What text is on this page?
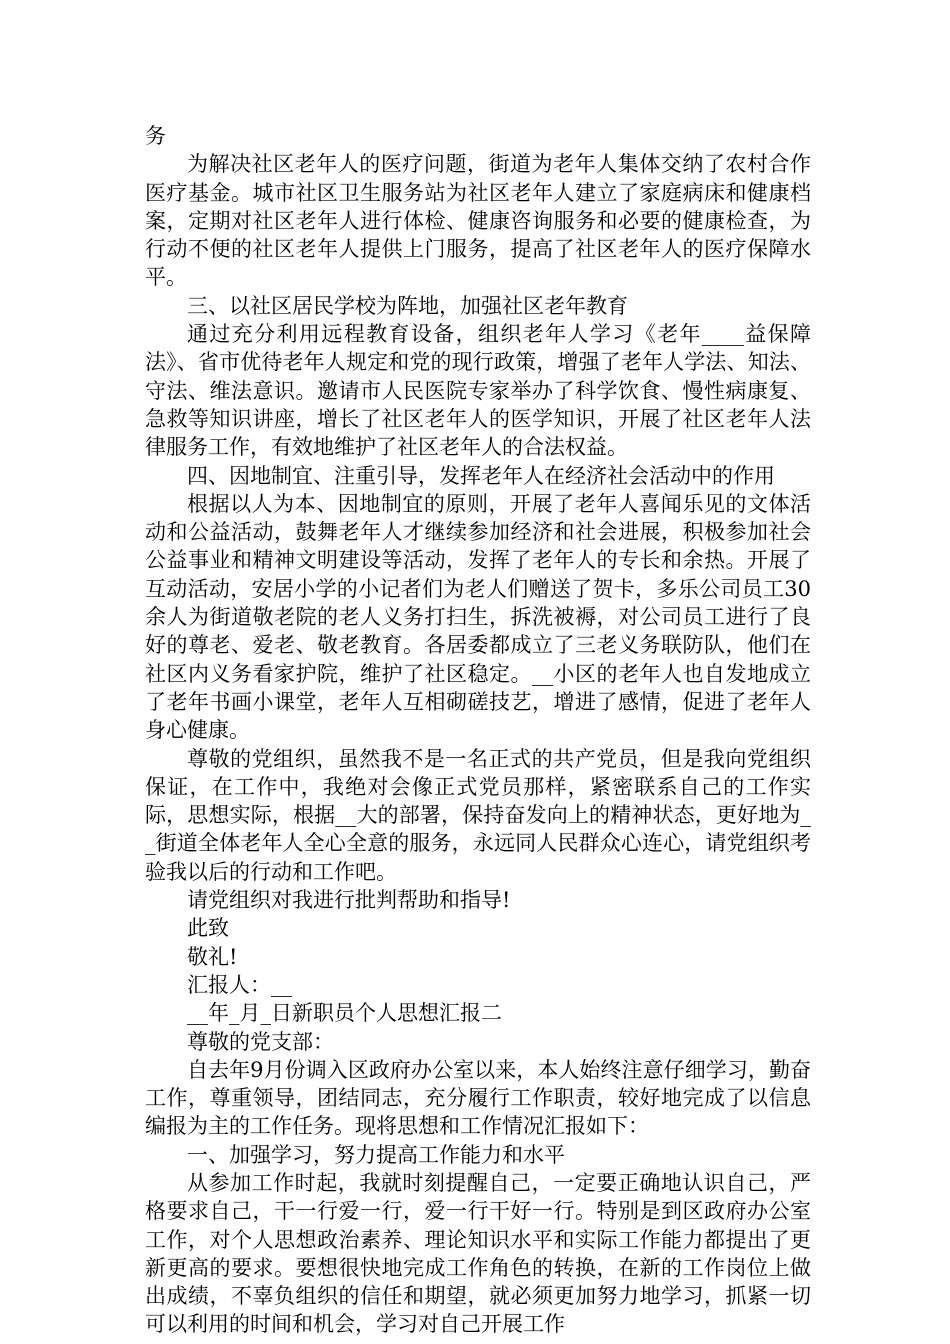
务

为解决社区老年人的医疗问题，街道为老年人集体交纳了农村合作医疗基金。城市社区卫生服务站为社区老年人建立了家庭病床和健康档案，定期对社区老年人进行体检、健康咨询服务和必要的健康检查，为行动不便的社区老年人提供上门服务，提高了社区老年人的医疗保障水平。

三、以社区居民学校为阵地，加强社区老年教育

通过充分利用远程教育设备，组织老年人学习《老年____益保障法》、省市优待老年人规定和党的现行政策，增强了老年人学法、知法、守法、维法意识。邀请市人民医院专家举办了科学饮食、慢性病康复、急救等知识讲座，增长了社区老年人的医学知识，开展了社区老年人法律服务工作，有效地维护了社区老年人的合法权益。

四、因地制宜、注重引导，发挥老年人在经济社会活动中的作用

根据以人为本、因地制宜的原则，开展了老年人喜闻乐见的文体活动和公益活动，鼓舞老年人才继续参加经济和社会进展，积极参加社会公益事业和精神文明建设等活动，发挥了老年人的专长和余热。开展了互动活动，安居小学的小记者们为老人们赠送了贺卡，多乐公司员工30余人为街道敬老院的老人义务打扫生，拆洗被褥，对公司员工进行了良好的尊老、爱老、敬老教育。各居委都成立了三老义务联防队，他们在社区内义务看家护院，维护了社区稳定。__小区的老年人也自发地成立了老年书画小课堂，老年人互相砌磋技艺，增进了感情，促进了老年人身心健康。

尊敬的党组织，虽然我不是一名正式的共产党员，但是我向党组织保证，在工作中，我绝对会像正式党员那样，紧密联系自己的工作实际，思想实际，根据__大的部署，保持奋发向上的精神状态，更好地为__街道全体老年人全心全意的服务，永远同人民群众心连心，请党组织考验我以后的行动和工作吧。

请党组织对我进行批判帮助和指导!

此致

敬礼!

汇报人：__

__年_月_日新职员个人思想汇报二

尊敬的党支部：

自去年9月份调入区政府办公室以来，本人始终注意仔细学习，勤奋工作，尊重领导，团结同志，充分履行工作职责，较好地完成了以信息编报为主的工作任务。现将思想和工作情况汇报如下：

一、加强学习，努力提高工作能力和水平

从参加工作时起，我就时刻提醒自己，一定要正确地认识自己，严格要求自己，干一行爱一行，爱一行干好一行。特别是到区政府办公室工作，对个人思想政治素养、理论知识水平和实际工作能力都提出了更新更高的要求。要想很快地完成工作角色的转换，在新的工作岗位上做出成绩，不辜负组织的信任和期望，就必须更加努力地学习，抓紧一切可以利用的时间和机会，学习对自己开展工作
